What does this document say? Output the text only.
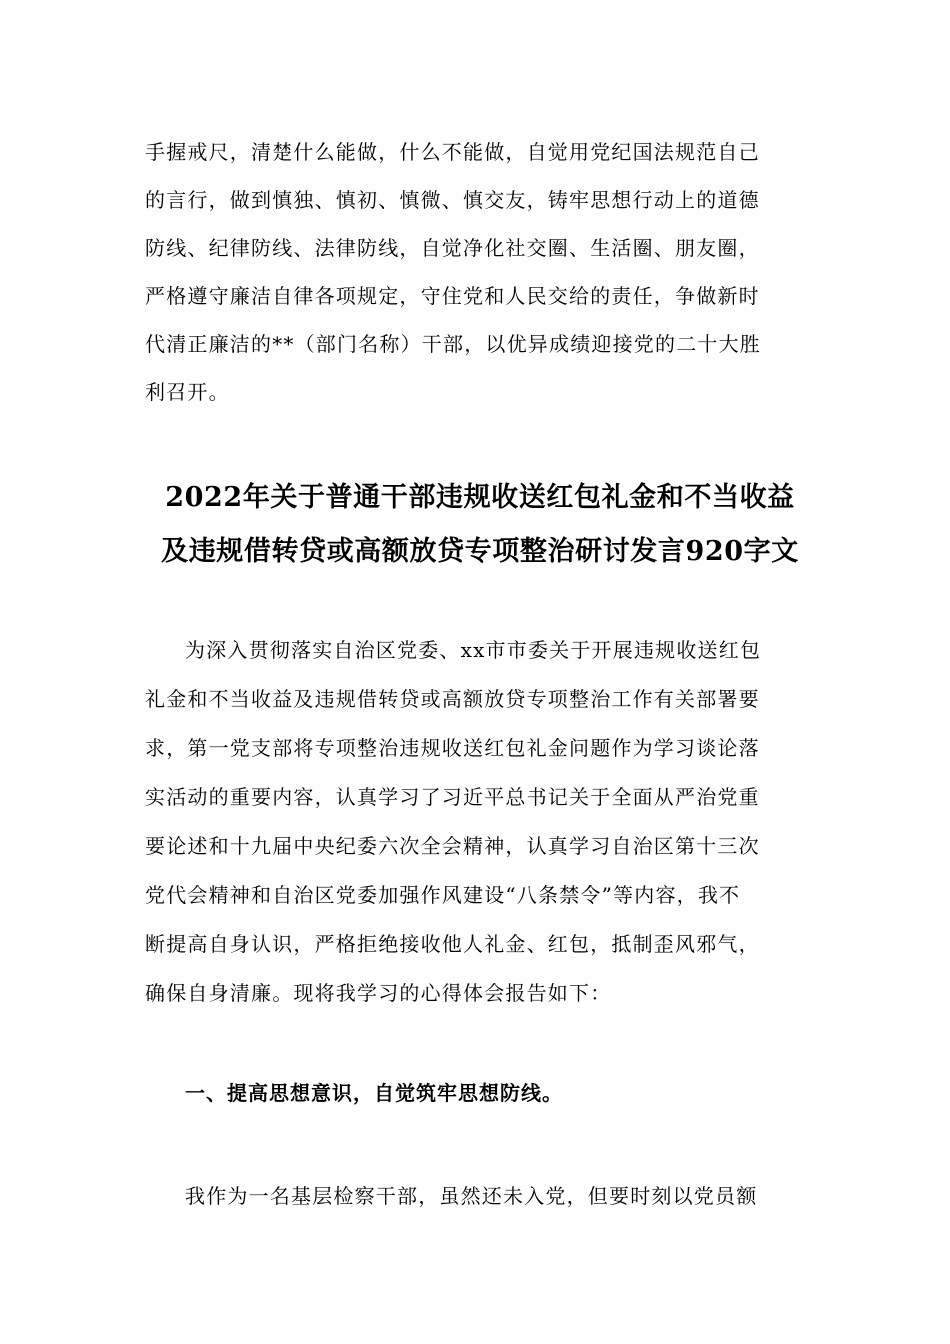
手握戒尺，清楚什么能做，什么不能做，自觉用党纪国法规范自己
的言行，做到慎独、慎初、慎微、慎交友，铸牢思想行动上的道德
防线、纪律防线、法律防线，自觉净化社交圈、生活圈、朋友圈，
严格遵守廉洁自律各项规定，守住党和人民交给的责任，争做新时
代清正廉洁的**（部门名称）干部，以优异成绩迎接党的二十大胜
利召开。
2022年关于普通干部违规收送红包礼金和不当收益
及违规借转贷或高额放贷专项整治研讨发言920字文
为深入贯彻落实自治区党委、xx市市委关于开展违规收送红包
礼金和不当收益及违规借转贷或高额放贷专项整治工作有关部署要
求，第一党支部将专项整治违规收送红包礼金问题作为学习谈论落
实活动的重要内容，认真学习了习近平总书记关于全面从严治党重
要论述和十九届中央纪委六次全会精神，认真学习自治区第十三次
党代会精神和自治区党委加强作风建设“八条禁令”等内容，我不
断提高自身认识，严格拒绝接收他人礼金、红包，抵制歪风邪气，
确保自身清廉。现将我学习的心得体会报告如下：
一、提高思想意识，自觉筑牢思想防线。
我作为一名基层检察干部，虽然还未入党，但要时刻以党员额
